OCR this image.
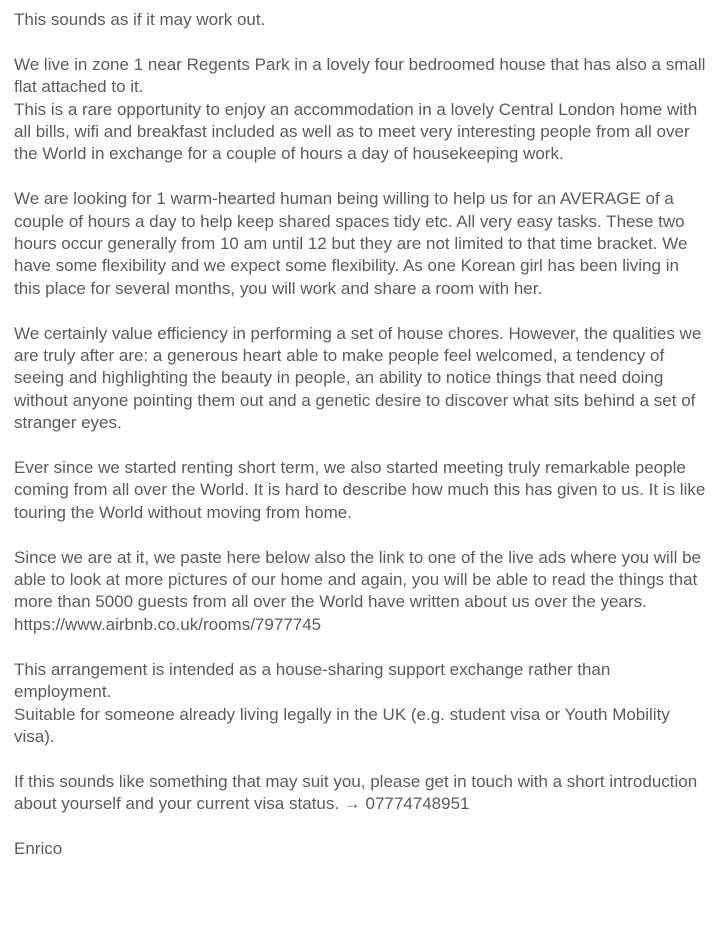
This sounds as if it may work out.

We live in zone 1 near Regents Park in a lovely four bedroomed house that has also a small flat attached to it.
This is a rare opportunity to enjoy an accommodation in a lovely Central London home with all bills, wifi and breakfast included as well as to meet very interesting people from all over the World in exchange for a couple of hours a day of housekeeping work.

We are looking for 1 warm-hearted human being willing to help us for an AVERAGE of a couple of hours a day to help keep shared spaces tidy etc. All very easy tasks. These two hours occur generally from 10 am until 12 but they are not limited to that time bracket. We have some flexibility and we expect some flexibility. As one Korean girl has been living in this place for several months, you will work and share a room with her.

We certainly value efficiency in performing a set of house chores. However, the qualities we are truly after are: a generous heart able to make people feel welcomed, a tendency of seeing and highlighting the beauty in people, an ability to notice things that need doing without anyone pointing them out and a genetic desire to discover what sits behind a set of stranger eyes.

Ever since we started renting short term, we also started meeting truly remarkable people coming from all over the World. It is hard to describe how much this has given to us. It is like touring the World without moving from home.

Since we are at it, we paste here below also the link to one of the live ads where you will be able to look at more pictures of our home and again, you will be able to read the things that more than 5000 guests from all over the World have written about us over the years.
https://www.airbnb.co.uk/rooms/7977745

This arrangement is intended as a house-sharing support exchange rather than employment.
Suitable for someone already living legally in the UK (e.g. student visa or Youth Mobility visa).

If this sounds like something that may suit you, please get in touch with a short introduction about yourself and your current visa status. → 07774748951

Enrico
